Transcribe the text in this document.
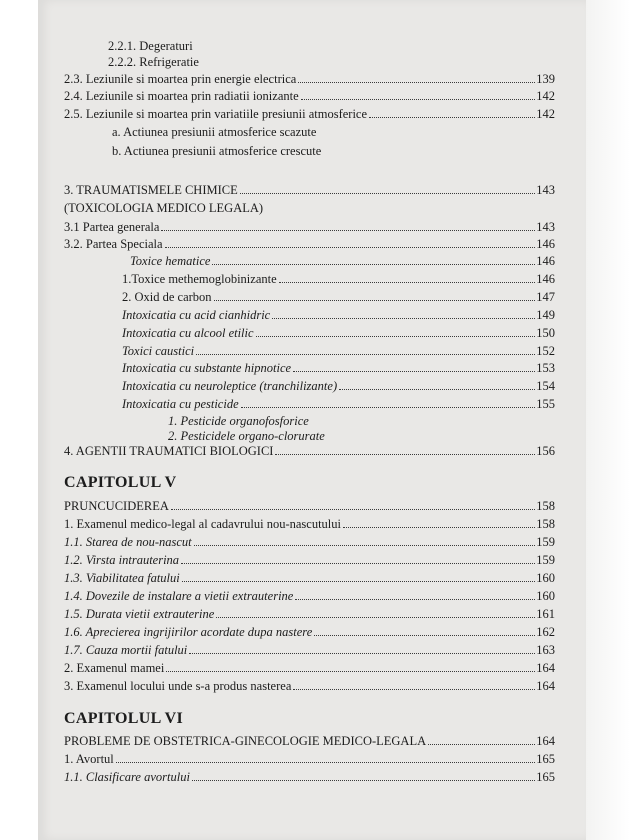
2.2.1. Degeraturi
2.2.2. Refrigeratie
2.3. Leziunile si moartea prin energie electrica	139
2.4. Leziunile si moartea prin radiatii ionizante	142
2.5. Leziunile si moartea prin variatiile presiunii atmosferice	142
a. Actiunea presiunii atmosferice scazute
b. Actiunea presiunii atmosferice crescute
3. TRAUMATISMELE CHIMICE	143
(TOXICOLOGIA MEDICO LEGALA)
3.1 Partea generala	143
3.2. Partea Speciala	146
Toxice hematice	146
1.Toxice methemoglobinizante	146
2. Oxid de carbon	147
Intoxicatia cu acid cianhidric	149
Intoxicatia cu alcool etilic	150
Toxici caustici	152
Intoxicatia cu substante hipnotice	153
Intoxicatia cu neuroleptice (tranchilizante)	154
Intoxicatia cu pesticide	155
1. Pesticide organofosforice
2. Pesticidele organo-clorurate
4. AGENTII TRAUMATICI BIOLOGICI	156
CAPITOLUL V
PRUNCUCIDEREA	158
1. Examenul medico-legal al cadavrului nou-nascutului	158
1.1. Starea de nou-nascut	159
1.2. Virsta intrauterina	159
1.3. Viabilitatea fatului	160
1.4. Dovezile de instalare a vietii extrauterine	160
1.5. Durata vietii extrauterine	161
1.6. Aprecierea ingrijirilor acordate dupa nastere	162
1.7. Cauza mortii fatului	163
2. Examenul mamei	164
3. Examenul locului unde s-a produs nasterea	164
CAPITOLUL VI
PROBLEME DE OBSTETRICA-GINECOLOGIE MEDICO-LEGALA	164
1. Avortul	165
1.1. Clasificare avortului	165
